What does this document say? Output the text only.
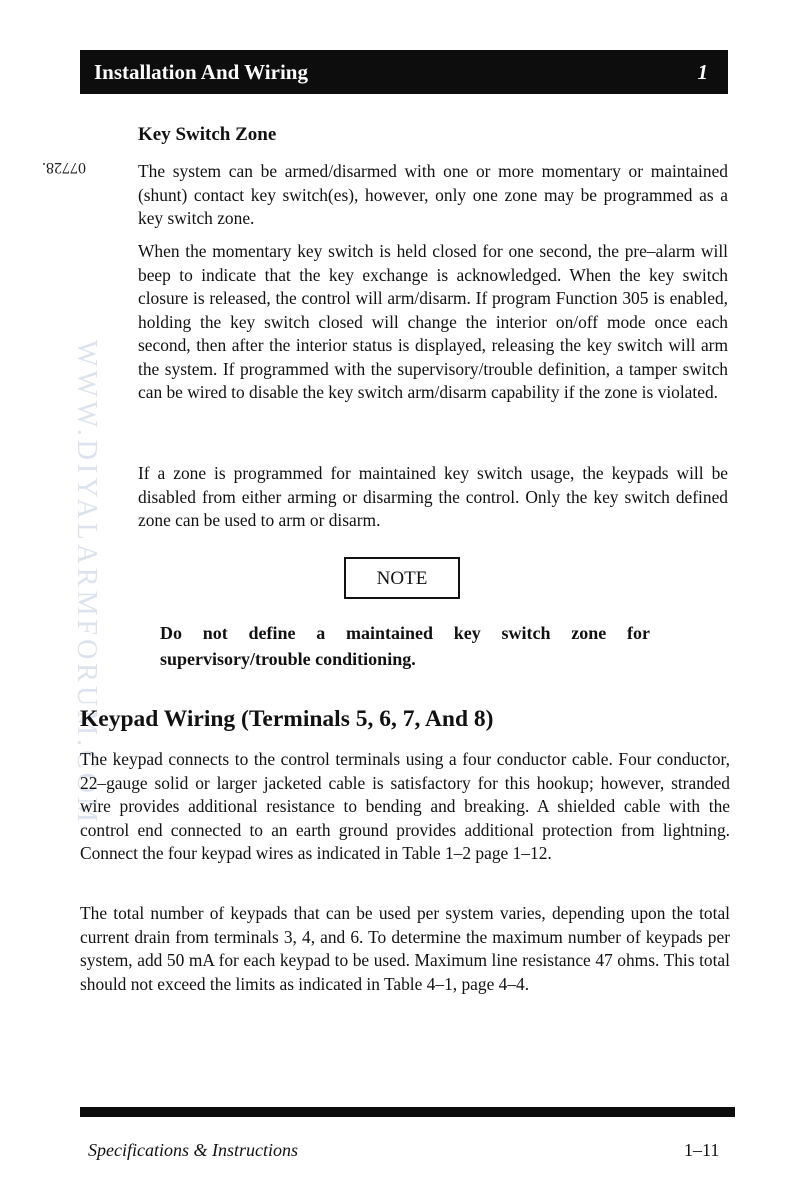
Installation And Wiring	1
07728.
WWW.DIYALARMFORUM.COM
Key Switch Zone

The system can be armed/disarmed with one or more momentary or maintained (shunt) contact key switch(es), however, only one zone may be programmed as a key switch zone.

When the momentary key switch is held closed for one second, the pre–alarm will beep to indicate that the key exchange is acknowledged. When the key switch closure is released, the control will arm/disarm. If program Function 305 is enabled, holding the key switch closed will change the interior on/off mode once each second, then after the interior status is displayed, releasing the key switch will arm the system. If programmed with the supervisory/trouble definition, a tamper switch can be wired to disable the key switch arm/disarm capability if the zone is violated.

If a zone is programmed for maintained key switch usage, the keypads will be disabled from either arming or disarming the control. Only the key switch defined zone can be used to arm or disarm.

NOTE
Do not define a maintained key switch zone for supervisory/trouble conditioning.
Keypad Wiring (Terminals 5, 6, 7, And 8)

The keypad connects to the control terminals using a four conductor cable. Four conductor, 22–gauge solid or larger jacketed cable is satisfactory for this hookup; however, stranded wire provides additional resistance to bending and breaking. A shielded cable with the control end connected to an earth ground provides additional protection from lightning. Connect the four keypad wires as indicated in Table 1–2 page 1–12.

The total number of keypads that can be used per system varies, depending upon the total current drain from terminals 3, 4, and 6. To determine the maximum number of keypads per system, add 50 mA for each keypad to be used. Maximum line resistance 47 ohms. This total should not exceed the limits as indicated in Table 4–1, page 4–4.

Specifications & Instructions	1–11
